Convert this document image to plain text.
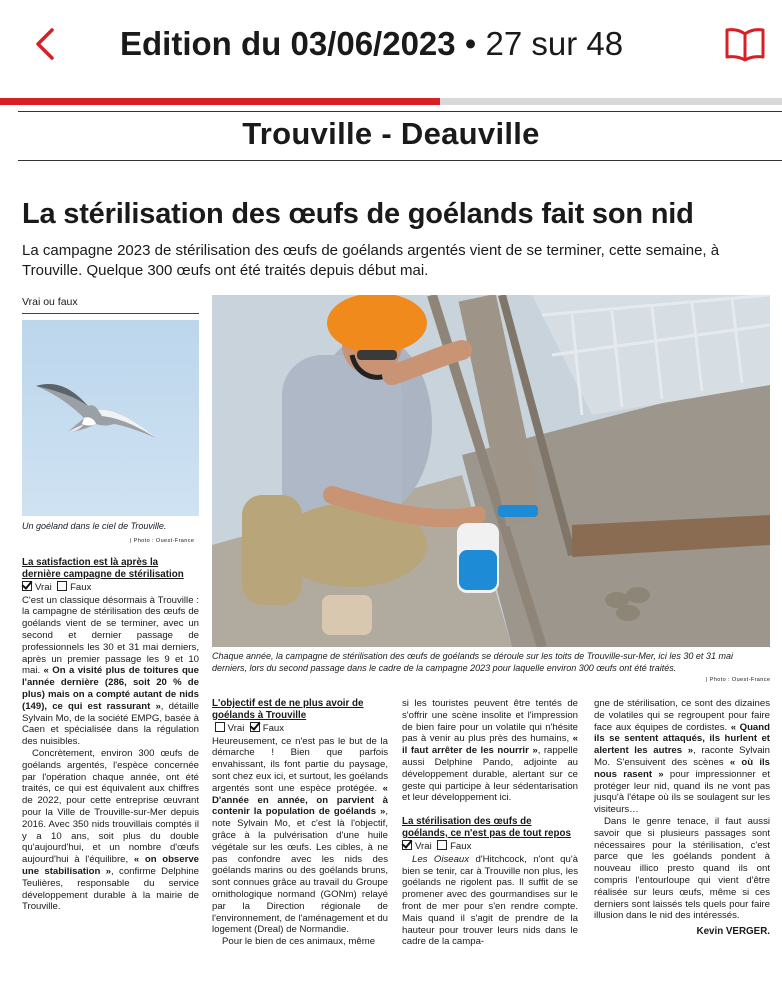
Edition du 03/06/2023 • 27 sur 48
Trouville - Deauville
La stérilisation des œufs de goélands fait son nid
La campagne 2023 de stérilisation des œufs de goélands argentés vient de se terminer, cette semaine, à Trouville. Quelque 300 œufs ont été traités depuis début mai.
Vrai ou faux
Un goéland dans le ciel de Trouville.
| Photo : Ouest-France
Chaque année, la campagne de stérilisation des œufs de goélands se déroule sur les toits de Trouville-sur-Mer, ici les 30 et 31 mai derniers, lors du second passage dans le cadre de la campagne 2023 pour laquelle environ 300 œufs ont été traités.
| Photo : Ouest-France

La satisfaction est là après la dernière campagne de stérilisation

Vrai Faux

C'est un classique désormais à Trouville : la campagne de stérilisation des œufs de goélands vient de se terminer, avec un second et dernier passage de professionnels les 30 et 31 mai derniers, après un premier passage les 9 et 10 mai. « On a visité plus de toitures que l'année dernière (286, soit 20 % de plus) mais on a compté autant de nids (149), ce qui est rassurant », détaille Sylvain Mo, de la société EMPG, basée à Caen et spécialisée dans la régulation des nuisibles.

Concrètement, environ 300 œufs de goélands argentés, l'espèce concernée par l'opération chaque année, ont été traités, ce qui est équivalent aux chiffres de 2022, pour cette entreprise œuvrant pour la Ville de Trouville-sur-Mer depuis 2016. Avec 350 nids trouvillais comptés il y a 10 ans, soit plus du double qu'aujourd'hui, et un nombre d'œufs aujourd'hui à l'équilibre, « on observe une stabilisation », confirme Delphine Teulières, responsable du service développement durable à la mairie de Trouville.

L'objectif est de ne plus avoir de goélands à Trouville

Vrai Faux

Heureusement, ce n'est pas le but de la démarche ! Bien que parfois envahissant, ils font partie du paysage, sont chez eux ici, et surtout, les goélands argentés sont une espèce protégée. « D'année en année, on parvient à contenir la population de goélands », note Sylvain Mo, et c'est là l'objectif, grâce à la pulvérisation d'une huile végétale sur les œufs. Les cibles, à ne pas confondre avec les nids des goélands marins ou des goélands bruns, sont connues grâce au travail du Groupe ornithologique normand (GONm) relayé par la Direction régionale de l'environnement, de l'aménagement et du logement (Dreal) de Normandie.

Pour le bien de ces animaux, même

si les touristes peuvent être tentés de s'offrir une scène insolite et l'impression de bien faire pour un volatile qui n'hésite pas à venir au plus près des humains, « il faut arrêter de les nourrir », rappelle aussi Delphine Pando, adjointe au développement durable, alertant sur ce geste qui participe à leur sédentarisation et leur développement ici.

La stérilisation des œufs de goélands, ce n'est pas de tout repos

Vrai Faux

Les Oiseaux d'Hitchcock, n'ont qu'à bien se tenir, car à Trouville non plus, les goélands ne rigolent pas. Il suffit de se promener avec des gourmandises sur le front de mer pour s'en rendre compte. Mais quand il s'agit de prendre de la hauteur pour trouver leurs nids dans le cadre de la campa-

gne de stérilisation, ce sont des dizaines de volatiles qui se regroupent pour faire face aux équipes de cordistes. « Quand ils se sentent attaqués, ils hurlent et alertent les autres », raconte Sylvain Mo. S'ensuivent des scènes « où ils nous rasent » pour impressionner et protéger leur nid, quand ils ne vont pas jusqu'à l'étape où ils se soulagent sur les visiteurs…

Dans le genre tenace, il faut aussi savoir que si plusieurs passages sont nécessaires pour la stérilisation, c'est parce que les goélands pondent à nouveau illico presto quand ils ont compris l'entourloupe qui vient d'être réalisée sur leurs œufs, même si ces derniers sont laissés tels quels pour faire illusion dans le nid des intéressés.

Kevin VERGER.
